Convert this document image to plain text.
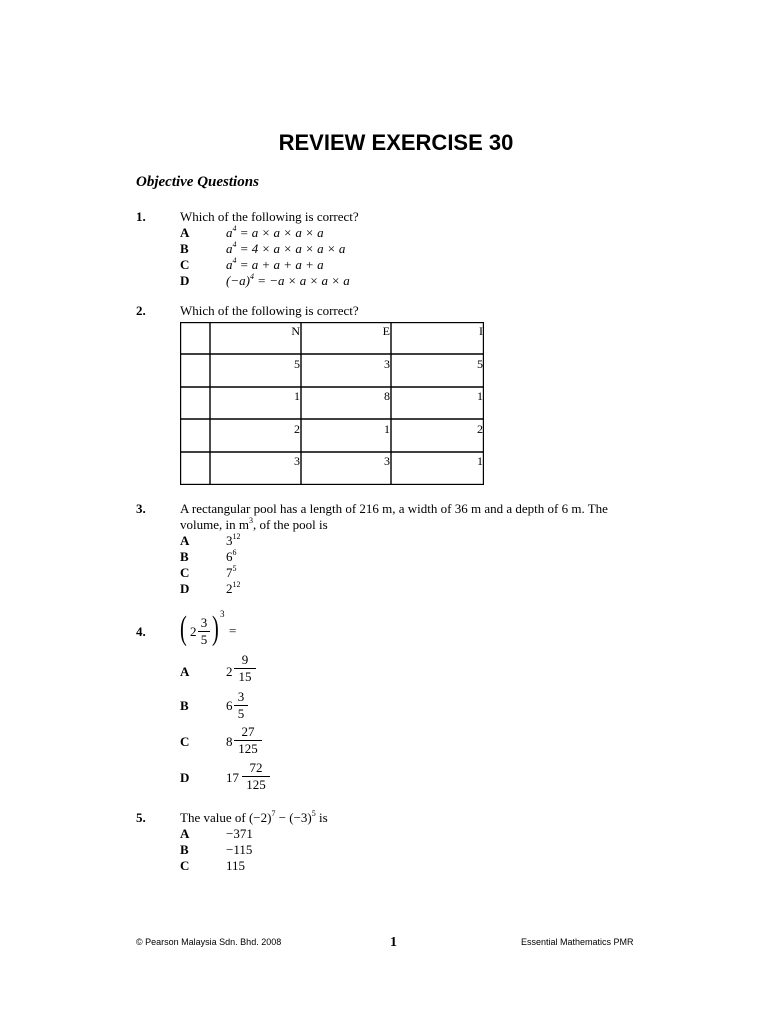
REVIEW EXERCISE 30
Objective Questions
1.	Which of the following is correct?
A	$a^4 = a \times a \times a \times a$
B	$a^4 = 4 \times a \times a \times a \times a$
C	$a^4 = a + a + a + a$
D	$(-a)^4 = -a \times a \times a \times a$
2.	Which of the following is correct?
N	E	I
5	3	5
1	8	1
2	1	2
3	3	1
3.	A rectangular pool has a length of 216 m, a width of 36 m and a depth of 6 m. The
volume, in $m^3$, of the pool is
A	$3^{12}$
B	$6^6$
C	$7^5$
D	$2^{12}$
4. ( $2 \frac{3}{5}$ ) 3
=
A	$2 \frac{9}{15}$
B	$6 \frac{3}{5}$
C	$8 \frac{27}{125}$
D	$17 \frac{72}{125}$
5.	The value of $(-2)^7 - (-3)^5$ is
A	−371
B	−115
C	115
© Pearson Malaysia Sdn. Bhd. 2008	1	Essential Mathematics PMR
